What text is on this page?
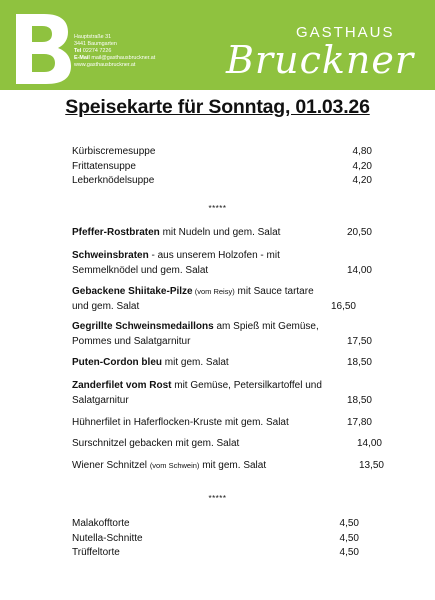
Hauptstraße 31
3441 Baumgarten
Tel 02274 7226
E-Mail mail@gasthausbruckner.at
www.gasthausbruckner.at
GASTHAUS
Bruckner
Speisekarte für Sonntag, 01.03.26
Kürbiscremesuppe	4,80
Frittatensuppe	4,20
Leberknödelsuppe	4,20
*****
Pfeffer-Rostbraten mit Nudeln und gem. Salat	20,50
Schweinsbraten - aus unserem Holzofen - mit Semmelknödel und gem. Salat	14,00
Gebackene Shiitake-Pilze (vom Reisy) mit Sauce tartare und gem. Salat	16,50
Gegrillte Schweinsmedaillons am Spieß mit Gemüse, Pommes und Salatgarnitur	17,50
Puten-Cordon bleu mit gem. Salat	18,50
Zanderfilet vom Rost mit Gemüse, Petersilkartoffel und Salatgarnitur	18,50
Hühnerfilet in Haferflocken-Kruste mit gem. Salat	17,80
Surschnitzel gebacken mit gem. Salat	14,00
Wiener Schnitzel (vom Schwein) mit gem. Salat	13,50
*****
Malakofftorte	4,50
Nutella-Schnitte	4,50
Trüffeltorte	4,50
